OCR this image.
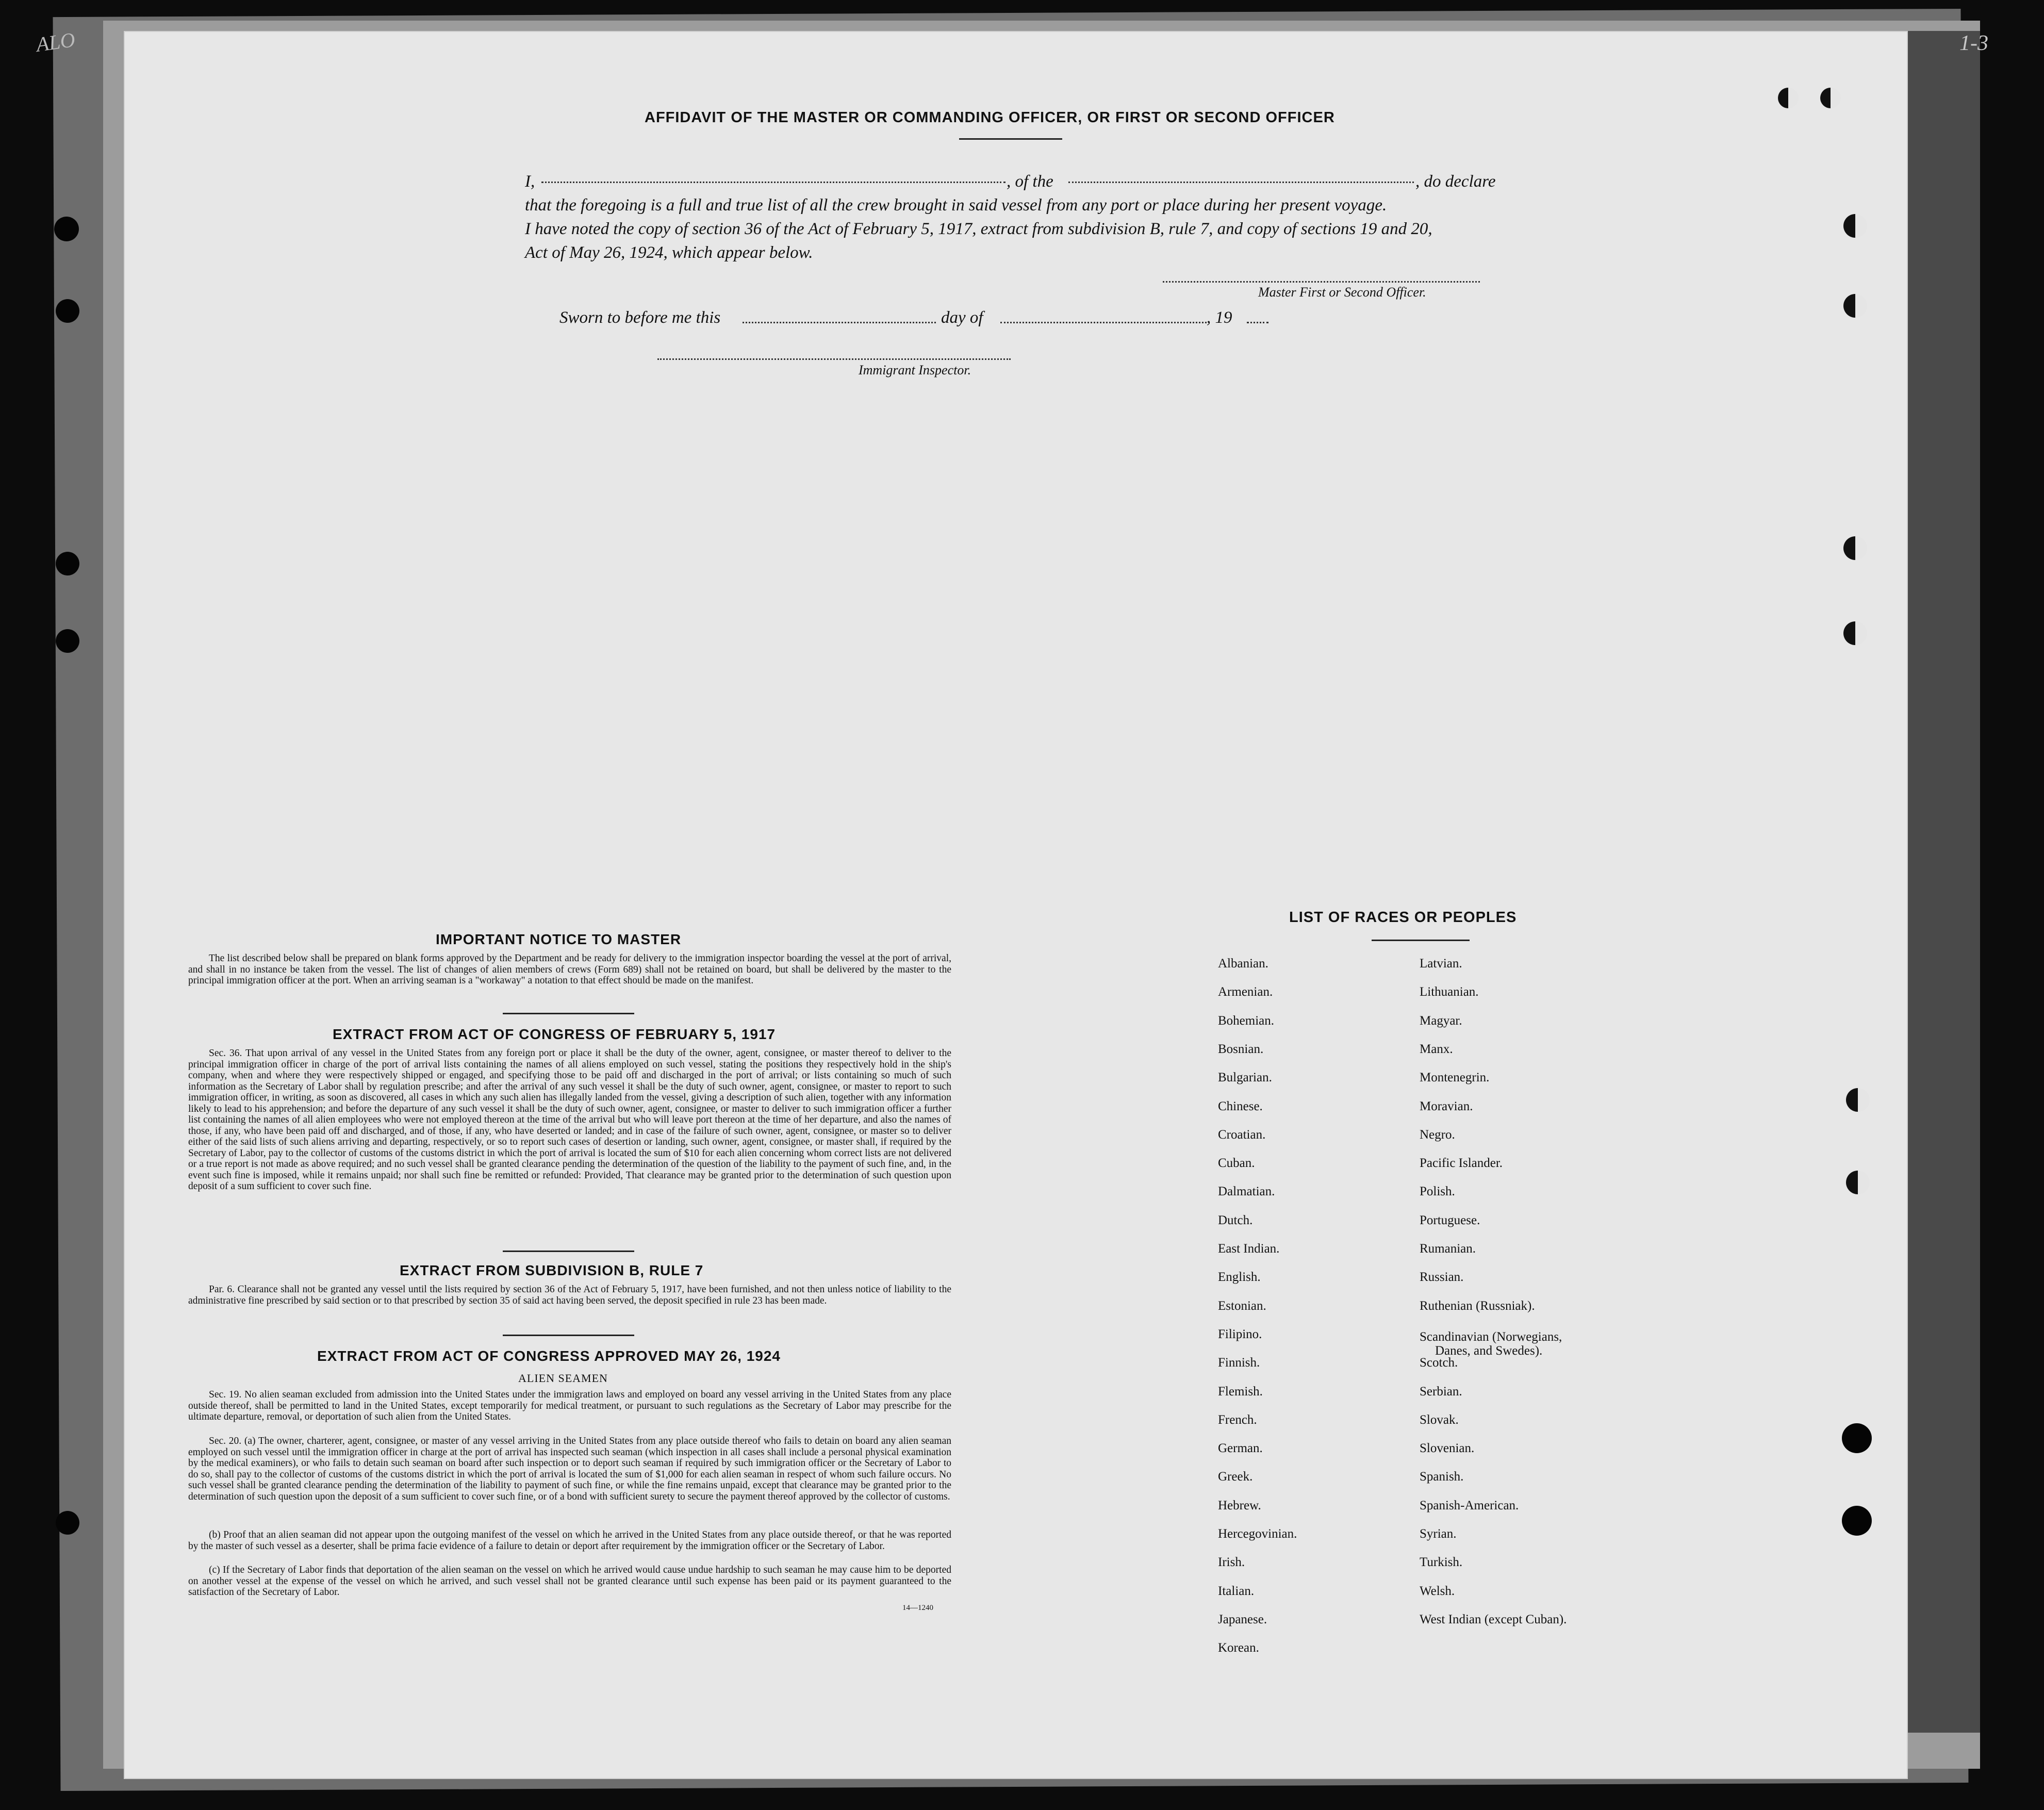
ALO	1-3
AFFIDAVIT OF THE MASTER OR COMMANDING OFFICER, OR FIRST OR SECOND OFFICER
I,	, of the	, do declare
that the foregoing is a full and true list of all the crew brought in said vessel from any port or place during her present voyage.
I have noted the copy of section 36 of the Act of February 5, 1917, extract from subdivision B, rule 7, and copy of sections 19 and 20,
Act of May 26, 1924, which appear below.
Master First or Second Officer.
Sworn to before me this	day of	, 19
Immigrant Inspector.
IMPORTANT NOTICE TO MASTER
The list described below shall be prepared on blank forms approved by the Department and be ready for delivery to the immigration inspector boarding the vessel at the port of arrival, and shall in no instance be taken from the vessel. The list of changes of alien members of crews (Form 689) shall not be retained on board, but shall be delivered by the master to the principal immigration officer at the port. When an arriving seaman is a "workaway" a notation to that effect should be made on the manifest.
EXTRACT FROM ACT OF CONGRESS OF FEBRUARY 5, 1917
Sec. 36. That upon arrival of any vessel in the United States from any foreign port or place it shall be the duty of the owner, agent, consignee, or master thereof to deliver to the principal immigration officer in charge of the port of arrival lists containing the names of all aliens employed on such vessel, stating the positions they respectively hold in the ship's company, when and where they were respectively shipped or engaged, and specifying those to be paid off and discharged in the port of arrival; or lists containing so much of such information as the Secretary of Labor shall by regulation prescribe; and after the arrival of any such vessel it shall be the duty of such owner, agent, consignee, or master to report to such immigration officer, in writing, as soon as discovered, all cases in which any such alien has illegally landed from the vessel, giving a description of such alien, together with any information likely to lead to his apprehension; and before the departure of any such vessel it shall be the duty of such owner, agent, consignee, or master to deliver to such immigration officer a further list containing the names of all alien employees who were not employed thereon at the time of the arrival but who will leave port thereon at the time of her departure, and also the names of those, if any, who have been paid off and discharged, and of those, if any, who have deserted or landed; and in case of the failure of such owner, agent, consignee, or master so to deliver either of the said lists of such aliens arriving and departing, respectively, or so to report such cases of desertion or landing, such owner, agent, consignee, or master shall, if required by the Secretary of Labor, pay to the collector of customs of the customs district in which the port of arrival is located the sum of $10 for each alien concerning whom correct lists are not delivered or a true report is not made as above required; and no such vessel shall be granted clearance pending the determination of the question of the liability to the payment of such fine, and, in the event such fine is imposed, while it remains unpaid; nor shall such fine be remitted or refunded: Provided, That clearance may be granted prior to the determination of such question upon deposit of a sum sufficient to cover such fine.
EXTRACT FROM SUBDIVISION B, RULE 7
Par. 6. Clearance shall not be granted any vessel until the lists required by section 36 of the Act of February 5, 1917, have been furnished, and not then unless notice of liability to the administrative fine prescribed by said section or to that prescribed by section 35 of said act having been served, the deposit specified in rule 23 has been made.
EXTRACT FROM ACT OF CONGRESS APPROVED MAY 26, 1924
ALIEN SEAMEN
Sec. 19. No alien seaman excluded from admission into the United States under the immigration laws and employed on board any vessel arriving in the United States from any place outside thereof, shall be permitted to land in the United States, except temporarily for medical treatment, or pursuant to such regulations as the Secretary of Labor may prescribe for the ultimate departure, removal, or deportation of such alien from the United States.
Sec. 20. (a) The owner, charterer, agent, consignee, or master of any vessel arriving in the United States from any place outside thereof who fails to detain on board any alien seaman employed on such vessel until the immigration officer in charge at the port of arrival has inspected such seaman (which inspection in all cases shall include a personal physical examination by the medical examiners), or who fails to detain such seaman on board after such inspection or to deport such seaman if required by such immigration officer or the Secretary of Labor to do so, shall pay to the collector of customs of the customs district in which the port of arrival is located the sum of $1,000 for each alien seaman in respect of whom such failure occurs. No such vessel shall be granted clearance pending the determination of the liability to payment of such fine, or while the fine remains unpaid, except that clearance may be granted prior to the determination of such question upon the deposit of a sum sufficient to cover such fine, or of a bond with sufficient surety to secure the payment thereof approved by the collector of customs.
(b) Proof that an alien seaman did not appear upon the outgoing manifest of the vessel on which he arrived in the United States from any place outside thereof, or that he was reported by the master of such vessel as a deserter, shall be prima facie evidence of a failure to detain or deport after requirement by the immigration officer or the Secretary of Labor.
(c) If the Secretary of Labor finds that deportation of the alien seaman on the vessel on which he arrived would cause undue hardship to such seaman he may cause him to be deported on another vessel at the expense of the vessel on which he arrived, and such vessel shall not be granted clearance until such expense has been paid or its payment guaranteed to the satisfaction of the Secretary of Labor.
14—1240
LIST OF RACES OR PEOPLES
Albanian.
Armenian.
Bohemian.
Bosnian.
Bulgarian.
Chinese.
Croatian.
Cuban.
Dalmatian.
Dutch.
East Indian.
English.
Estonian.
Filipino.
Finnish.
Flemish.
French.
German.
Greek.
Hebrew.
Hercegovinian.
Irish.
Italian.
Japanese.
Korean.
Latvian.
Lithuanian.
Magyar.
Manx.
Montenegrin.
Moravian.
Negro.
Pacific Islander.
Polish.
Portuguese.
Rumanian.
Russian.
Ruthenian (Russniak).
Scandinavian (Norwegians,
Danes, and Swedes).
Scotch.
Serbian.
Slovak.
Slovenian.
Spanish.
Spanish-American.
Syrian.
Turkish.
Welsh.
West Indian (except Cuban).
